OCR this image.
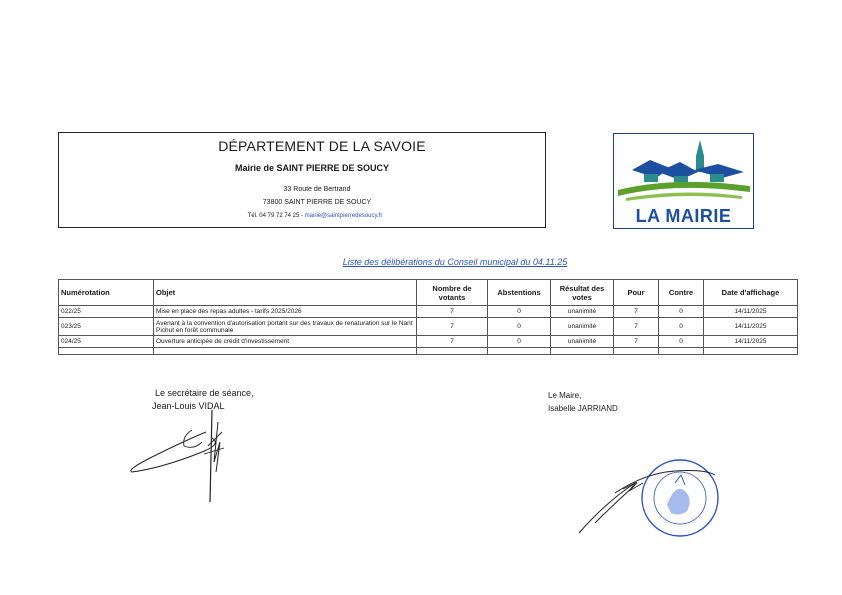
DÉPARTEMENT DE LA SAVOIE
Mairie de SAINT PIERRE DE SOUCY
33 Route de Bertrand
73800 SAINT PIERRE DE SOUCY
Tél. 04 79 72 74 25 - mairie@saintpierredesoucy.fr	LA MAIRIE
Liste des délibérations du Conseil municipal du 04.11.25
Numérotation	Objet	Nombre de votants	Abstentions	Résultat des votes	Pour	Contre	Date d'affichage
022/25	Mise en place des repas adultes - tarifs 2025/2026	7	0	unanimité	7	0	14/11/2025
023/25	Avenant à la convention d'autorisation portant sur des travaux de renaturation sur le Nant Pichut en forêt communale	7	0	unanimité	7	0	14/11/2025
024/25	Ouverture anticipée de crédit d'investissement	7	0	unanimité	7	0	14/11/2025

Le secrétaire de séance,
Jean-Louis VIDAL
Le Maire,
Isabelle JARRIAND
